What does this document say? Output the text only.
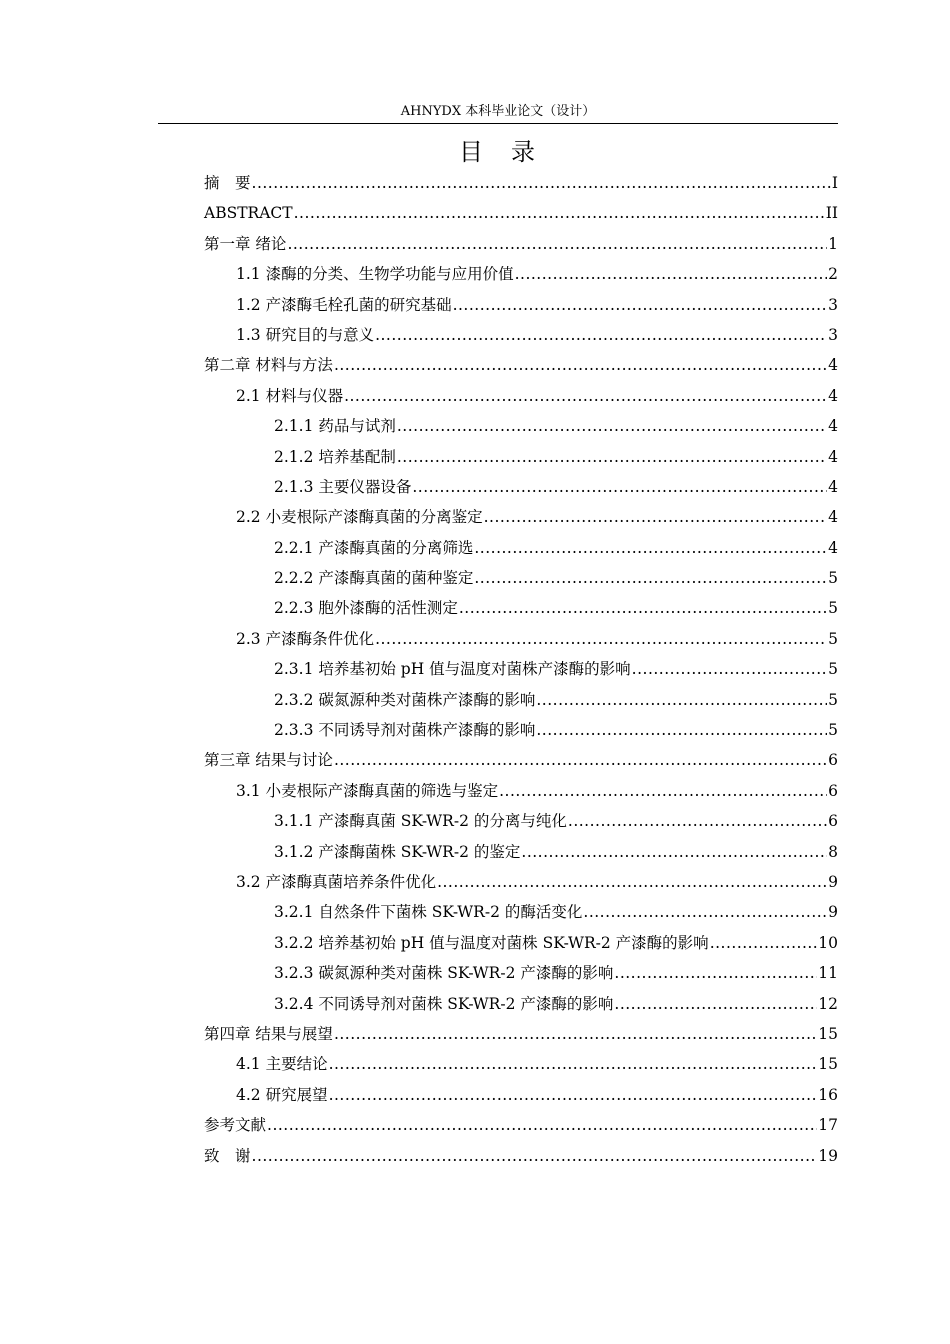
AHNYDX 本科毕业论文（设计）
目　录
摘　要 .....	I
ABSTRACT .....	II
第一章 绪论 .....	1
1.1 漆酶的分类、生物学功能与应用价值 .....	2
1.2 产漆酶毛栓孔菌的研究基础 .....	3
1.3 研究目的与意义 .....	3
第二章 材料与方法 .....	4
2.1 材料与仪器 .....	4
2.1.1 药品与试剂 .....	4
2.1.2 培养基配制 .....	4
2.1.3 主要仪器设备 .....	4
2.2 小麦根际产漆酶真菌的分离鉴定 .....	4
2.2.1 产漆酶真菌的分离筛选 .....	4
2.2.2 产漆酶真菌的菌种鉴定 .....	5
2.2.3 胞外漆酶的活性测定 .....	5
2.3 产漆酶条件优化 .....	5
2.3.1 培养基初始 pH 值与温度对菌株产漆酶的影响 .....	5
2.3.2 碳氮源种类对菌株产漆酶的影响 .....	5
2.3.3 不同诱导剂对菌株产漆酶的影响 .....	5
第三章 结果与讨论 .....	6
3.1 小麦根际产漆酶真菌的筛选与鉴定 .....	6
3.1.1 产漆酶真菌 SK-WR-2 的分离与纯化 .....	6
3.1.2 产漆酶菌株 SK-WR-2 的鉴定 .....	8
3.2 产漆酶真菌培养条件优化 .....	9
3.2.1 自然条件下菌株 SK-WR-2 的酶活变化 .....	9
3.2.2 培养基初始 pH 值与温度对菌株 SK-WR-2 产漆酶的影响 .....	10
3.2.3 碳氮源种类对菌株 SK-WR-2 产漆酶的影响 .....	11
3.2.4 不同诱导剂对菌株 SK-WR-2 产漆酶的影响 .....	12
第四章 结果与展望 .....	15
4.1 主要结论 .....	15
4.2 研究展望 .....	16
参考文献 .....	17
致　谢 .....	19
